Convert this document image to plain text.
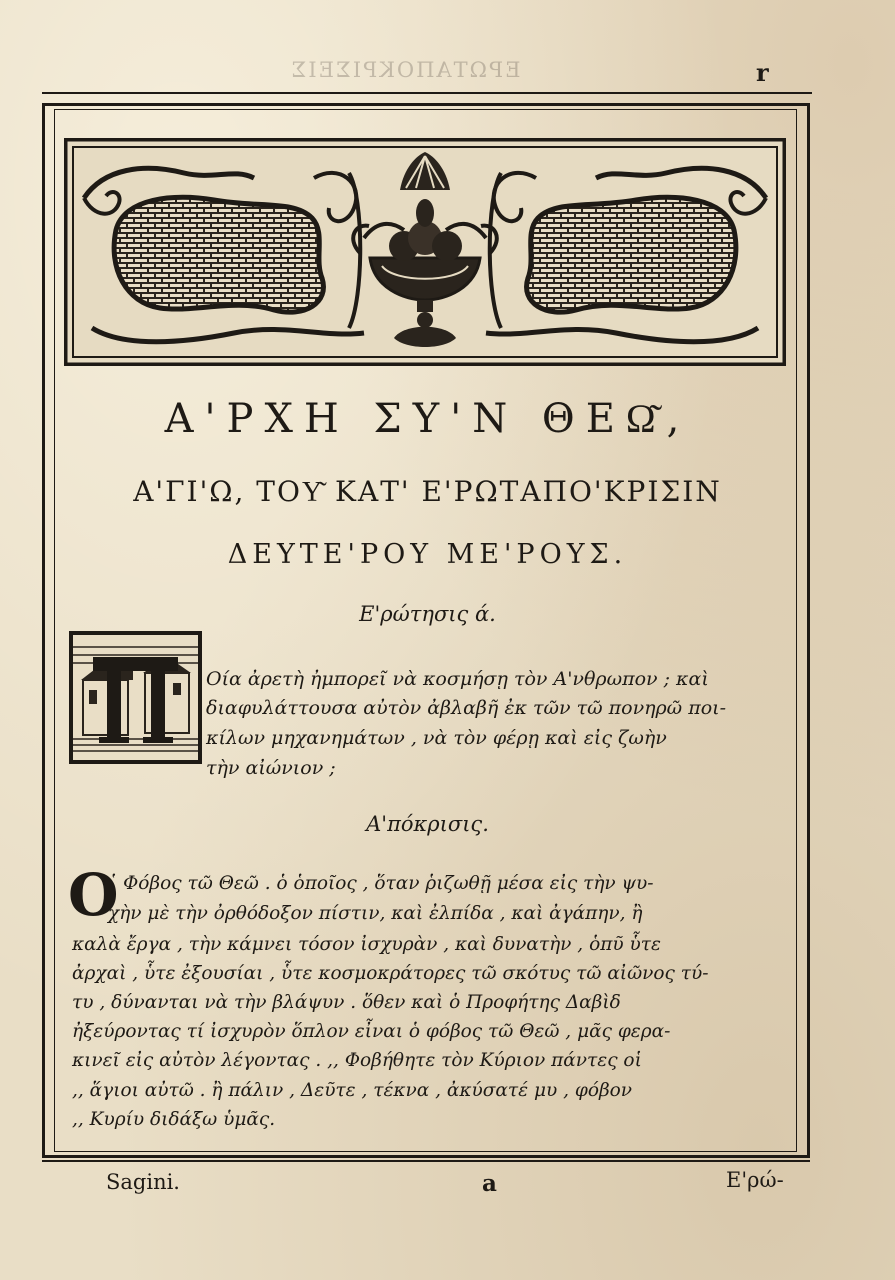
ΕΡΩΤΑΠΟΚΡΙΣΕΙΣ	r
Α'ΡΧΗ ΣΥ'Ν ΘΕΩ͂,
Α'ΓΙ'Ω, ΤΟΥ͂ ΚΑΤ' Ε'ΡΩΤΑΠΟ'ΚΡΙΣΙΝ
ΔΕΥΤΕ'ΡΟΥ ΜΕ'ΡΟΥΣ.
Ε'ρώτησις ά.
Οία ἀρετὴ ἠμπορεῖ νὰ κοσμήσῃ τὸν Α'νθρωπον ; καὶ
διαφυλάττουσα αὐτὸν ἀβλαβῆ ἐκ τῶν τῶ πονηρῶ ποι-
κίλων μηχανημάτων , νὰ τὸν φέρῃ καὶ εἰς ζωὴν
τὴν αἰώνιον ;
Α'πόκρισις.
O
῾ Φόβος τῶ Θεῶ . ὁ ὁποῖος , ὅταν ῥιζωθῇ μέσα εἰς τὴν ψυ-
χὴν μὲ τὴν ὀρθόδοξον πίστιν, καὶ ἐλπίδα , καὶ ἀγάπην, ἢ
καλὰ ἔργα , τὴν κάμνει τόσον ἰσχυρὰν , καὶ δυνατὴν , ὁπῦ ὗτε
ἀρχαὶ , ὗτε ἐξουσίαι , ὗτε κοσμοκράτορες τῶ σκότυς τῶ αἰῶνος τύ-
τυ , δύνανται νὰ τὴν βλάψυν . ὅθεν καὶ ὁ Προφήτης Δαβὶδ
ἠξεύροντας τί ἰσχυρὸν ὅπλον εἶναι ὁ φόβος τῶ Θεῶ , μᾶς φερα-
κινεῖ εἰς αὐτὸν λέγοντας . ,, Φοβήθητε τὸν Κύριον πάντες οἱ
,, ἅγιοι αὐτῶ . ἢ πάλιν , Δεῦτε , τέκνα , ἀκύσατέ μυ , φόβον
,, Κυρίυ διδάξω ὑμᾶς.
Sagini.	a	Ε'ρώ-
